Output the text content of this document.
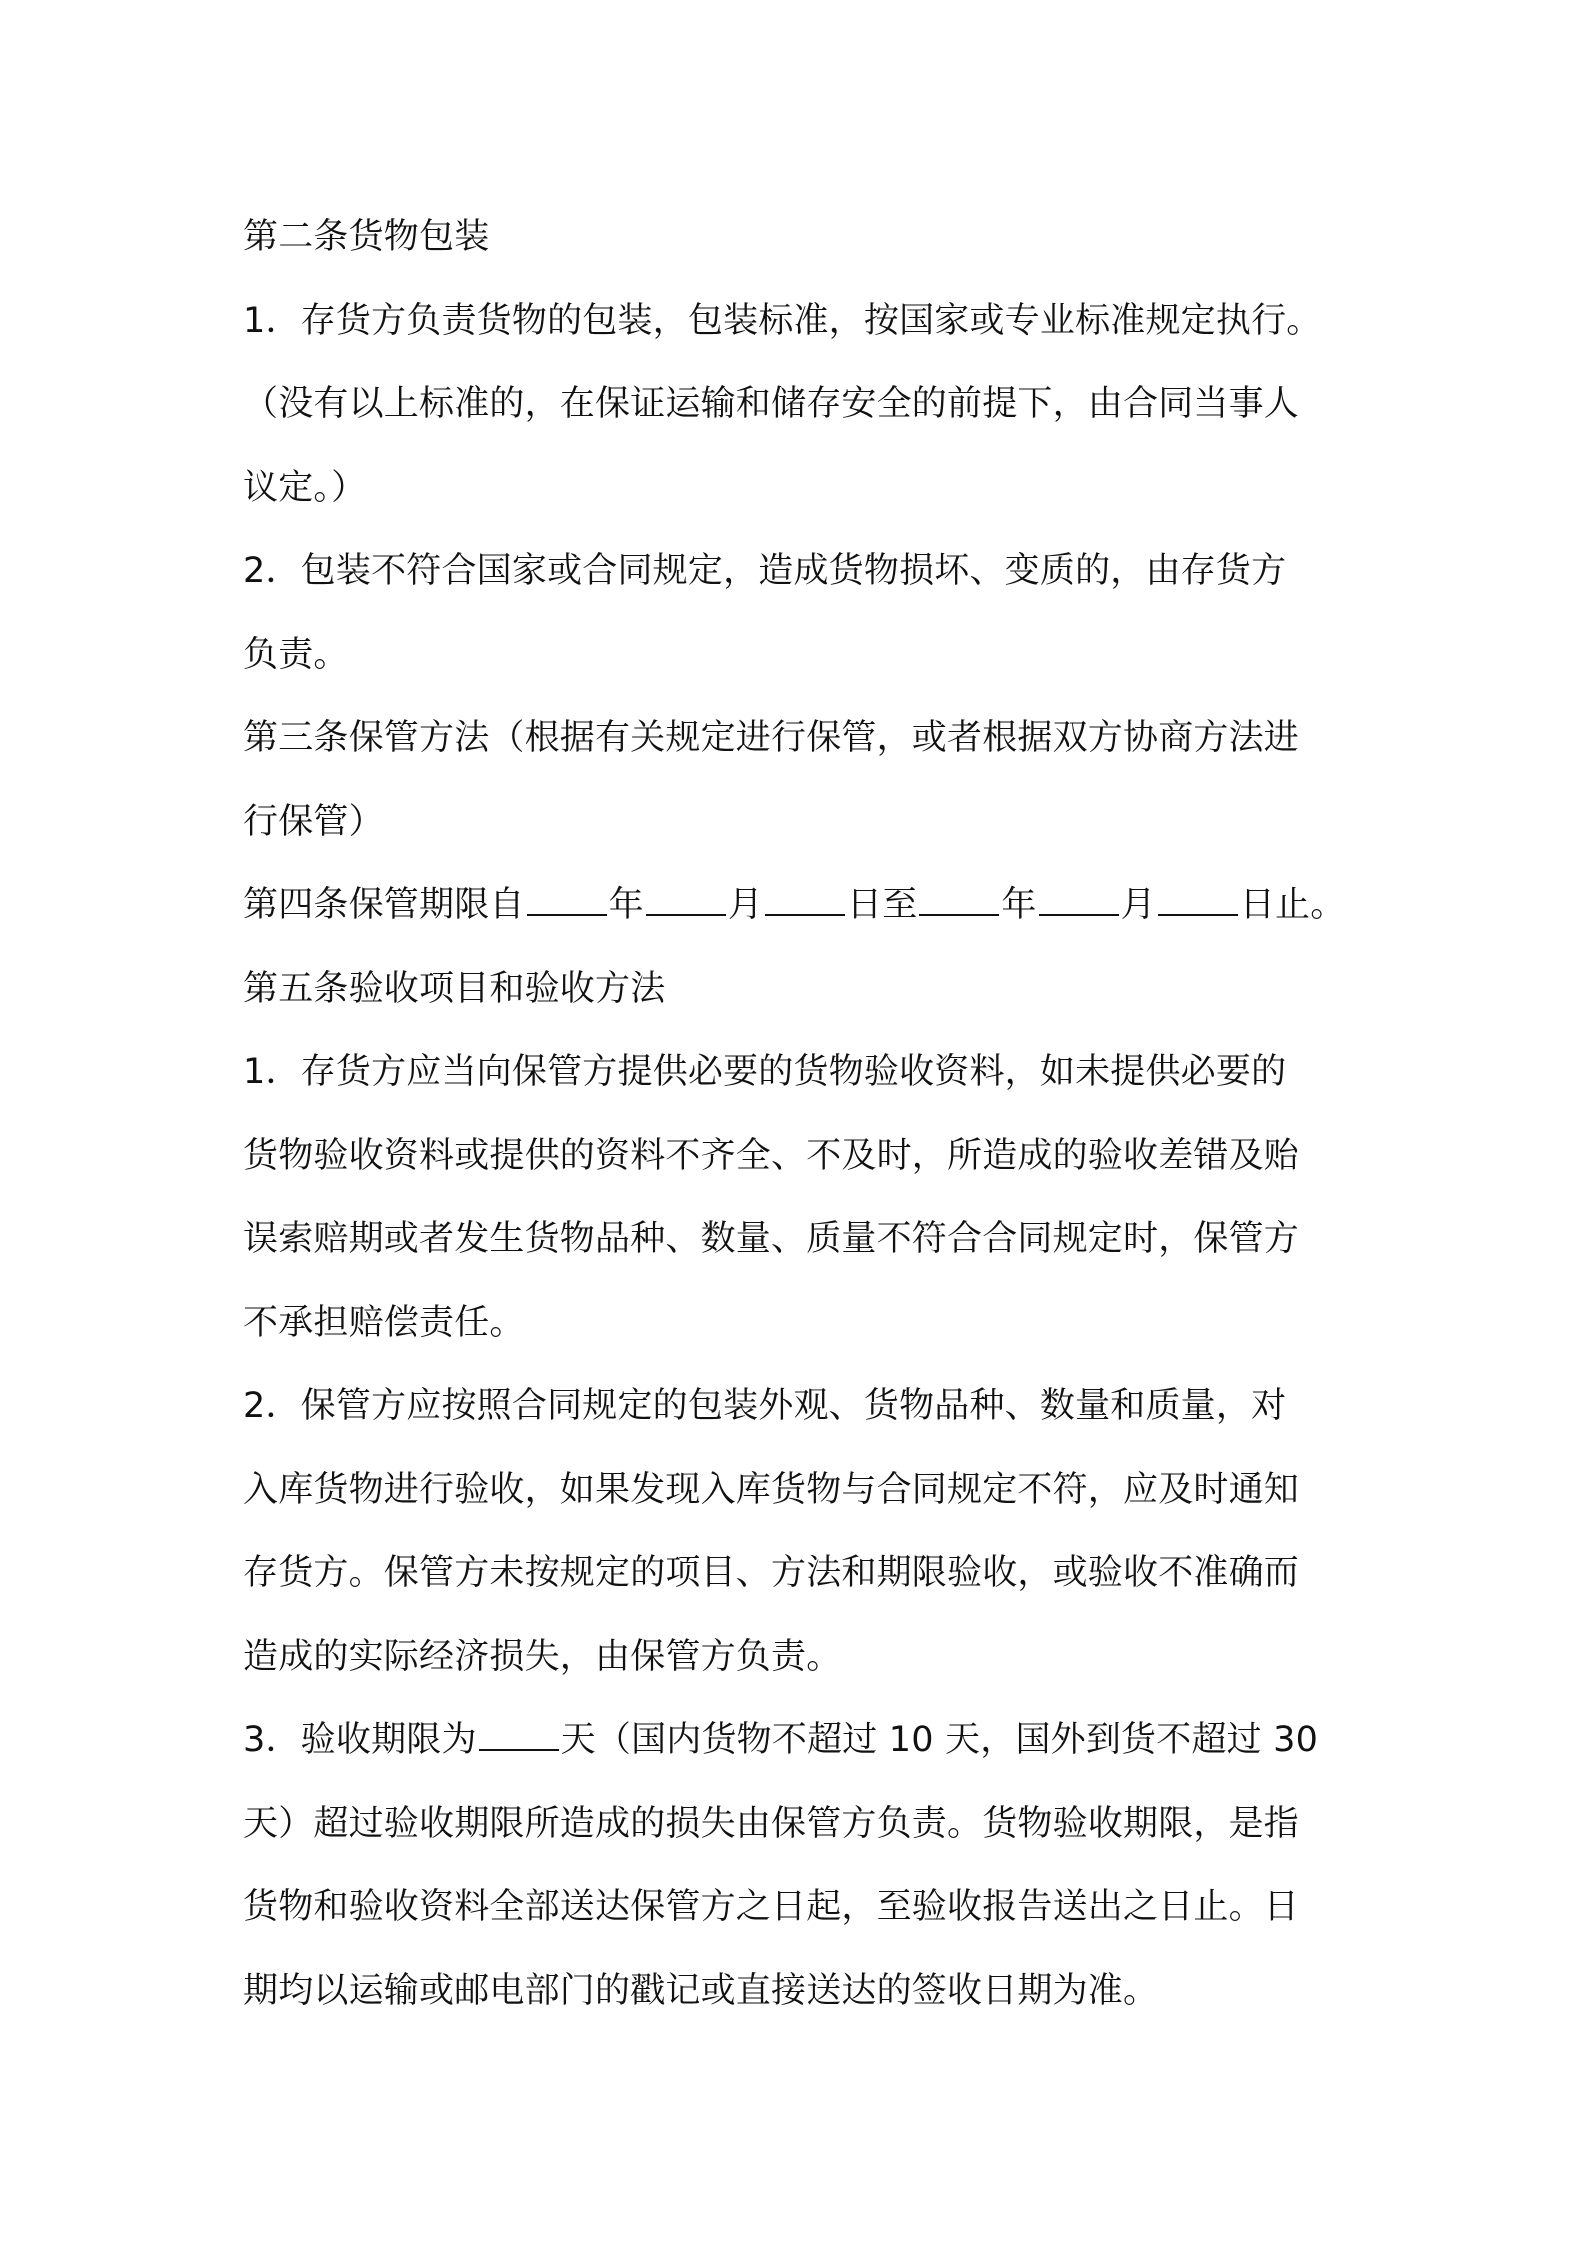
第二条货物包装
1．存货方负责货物的包装，包装标准，按国家或专业标准规定执行。
（没有以上标准的，在保证运输和储存安全的前提下，由合同当事人
议定。）
2．包装不符合国家或合同规定，造成货物损坏、变质的，由存货方
负责。
第三条保管方法（根据有关规定进行保管，或者根据双方协商方法进
行保管）
第四条保管期限自 年 月 日至 年 月 日止。
第五条验收项目和验收方法
1．存货方应当向保管方提供必要的货物验收资料，如未提供必要的
货物验收资料或提供的资料不齐全、不及时，所造成的验收差错及贻
误索赔期或者发生货物品种、数量、质量不符合合同规定时，保管方
不承担赔偿责任。
2．保管方应按照合同规定的包装外观、货物品种、数量和质量，对
入库货物进行验收，如果发现入库货物与合同规定不符，应及时通知
存货方。保管方未按规定的项目、方法和期限验收，或验收不准确而
造成的实际经济损失，由保管方负责。
3．验收期限为 天（国内货物不超过 10 天，国外到货不超过 30
天）超过验收期限所造成的损失由保管方负责。货物验收期限，是指
货物和验收资料全部送达保管方之日起，至验收报告送出之日止。日
期均以运输或邮电部门的戳记或直接送达的签收日期为准。
